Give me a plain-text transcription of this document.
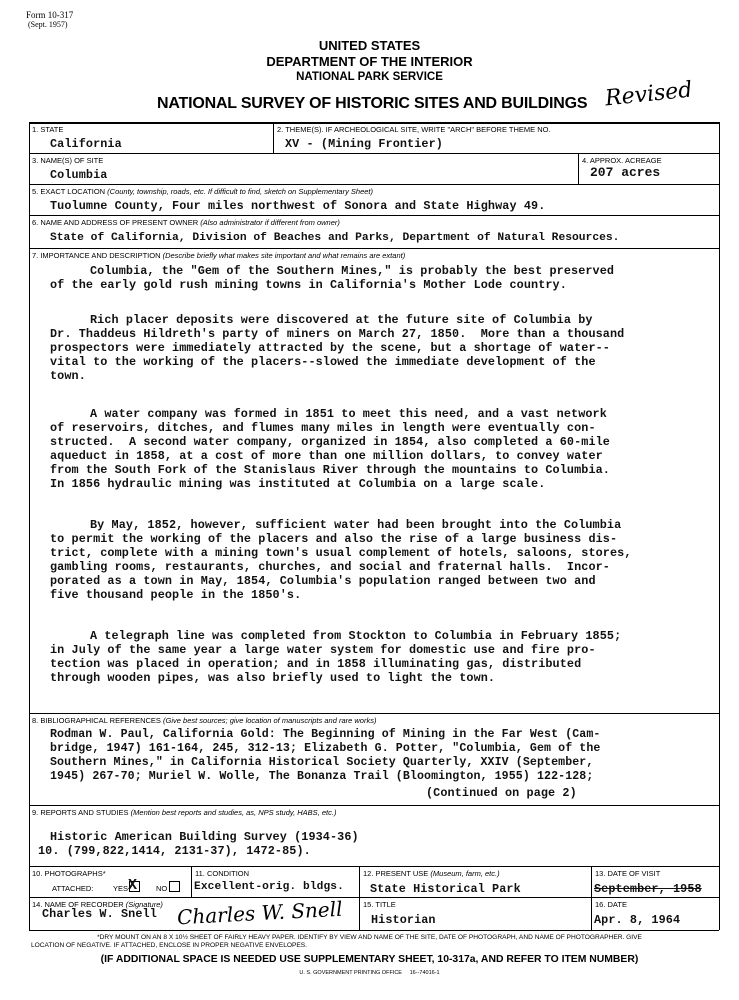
Form 10-317
(Sept. 1957)
UNITED STATES
DEPARTMENT OF THE INTERIOR
NATIONAL PARK SERVICE
NATIONAL SURVEY OF HISTORIC SITES AND BUILDINGS Revised
1. STATE
California
2. THEME(S). IF ARCHEOLOGICAL SITE, WRITE "ARCH" BEFORE THEME NO.
XV - (Mining Frontier)
3. NAME(S) OF SITE
Columbia
4. APPROX. ACREAGE
207 acres
5. EXACT LOCATION (County, township, roads, etc. If difficult to find, sketch on Supplementary Sheet)
Tuolumne County, Four miles northwest of Sonora and State Highway 49.
6. NAME AND ADDRESS OF PRESENT OWNER (Also administrator if different from owner)
State of California, Division of Beaches and Parks, Department of Natural Resources.
7. IMPORTANCE AND DESCRIPTION (Describe briefly what makes site important and what remains are extant)
Columbia, the "Gem of the Southern Mines," is probably the best preserved
of the early gold rush mining towns in California's Mother Lode country.
Rich placer deposits were discovered at the future site of Columbia by
Dr. Thaddeus Hildreth's party of miners on March 27, 1850.  More than a thousand
prospectors were immediately attracted by the scene, but a shortage of water--
vital to the working of the placers--slowed the immediate development of the
town.
A water company was formed in 1851 to meet this need, and a vast network
of reservoirs, ditches, and flumes many miles in length were eventually con-
structed.  A second water company, organized in 1854, also completed a 60-mile
aqueduct in 1858, at a cost of more than one million dollars, to convey water
from the South Fork of the Stanislaus River through the mountains to Columbia.
In 1856 hydraulic mining was instituted at Columbia on a large scale.
By May, 1852, however, sufficient water had been brought into the Columbia
to permit the working of the placers and also the rise of a large business dis-
trict, complete with a mining town's usual complement of hotels, saloons, stores,
gambling rooms, restaurants, churches, and social and fraternal halls.  Incor-
porated as a town in May, 1854, Columbia's population ranged between two and
five thousand people in the 1850's.
A telegraph line was completed from Stockton to Columbia in February 1855;
in July of the same year a large water system for domestic use and fire pro-
tection was placed in operation; and in 1858 illuminating gas, distributed
through wooden pipes, was also briefly used to light the town.
8. BIBLIOGRAPHICAL REFERENCES (Give best sources; give location of manuscripts and rare works)
Rodman W. Paul, California Gold: The Beginning of Mining in the Far West (Cam-
bridge, 1947) 161-164, 245, 312-13; Elizabeth G. Potter, "Columbia, Gem of the
Southern Mines," in California Historical Society Quarterly, XXIV (September,
1945) 267-70; Muriel W. Wolle, The Bonanza Trail (Bloomington, 1955) 122-128;
(Continued on page 2)
9. REPORTS AND STUDIES (Mention best reports and studies, as, NPS study, HABS, etc.)
Historic American Building Survey (1934-36)
10. (799,822,1414, 2131-37), 1472-85).
10. PHOTOGRAPHS*
ATTACHED:	YES X	NO
11. CONDITION
Excellent-orig. bldgs.
12. PRESENT USE (Museum, farm, etc.)
State Historical Park
13. DATE OF VISIT
September, 1958
14. NAME OF RECORDER (Signature)
Charles W. Snell Charles W. Snell	15. TITLE
Historian
16. DATE
Apr. 8, 1964
*DRY MOUNT ON AN 8 X 10½ SHEET OF FAIRLY HEAVY PAPER. IDENTIFY BY VIEW AND NAME OF THE SITE, DATE OF PHOTOGRAPH, AND NAME OF PHOTOGRAPHER. GIVE
LOCATION OF NEGATIVE. IF ATTACHED, ENCLOSE IN PROPER NEGATIVE ENVELOPES.
(IF ADDITIONAL SPACE IS NEEDED USE SUPPLEMENTARY SHEET, 10-317a, AND REFER TO ITEM NUMBER)
U. S. GOVERNMENT PRINTING OFFICE     16--74016-1
